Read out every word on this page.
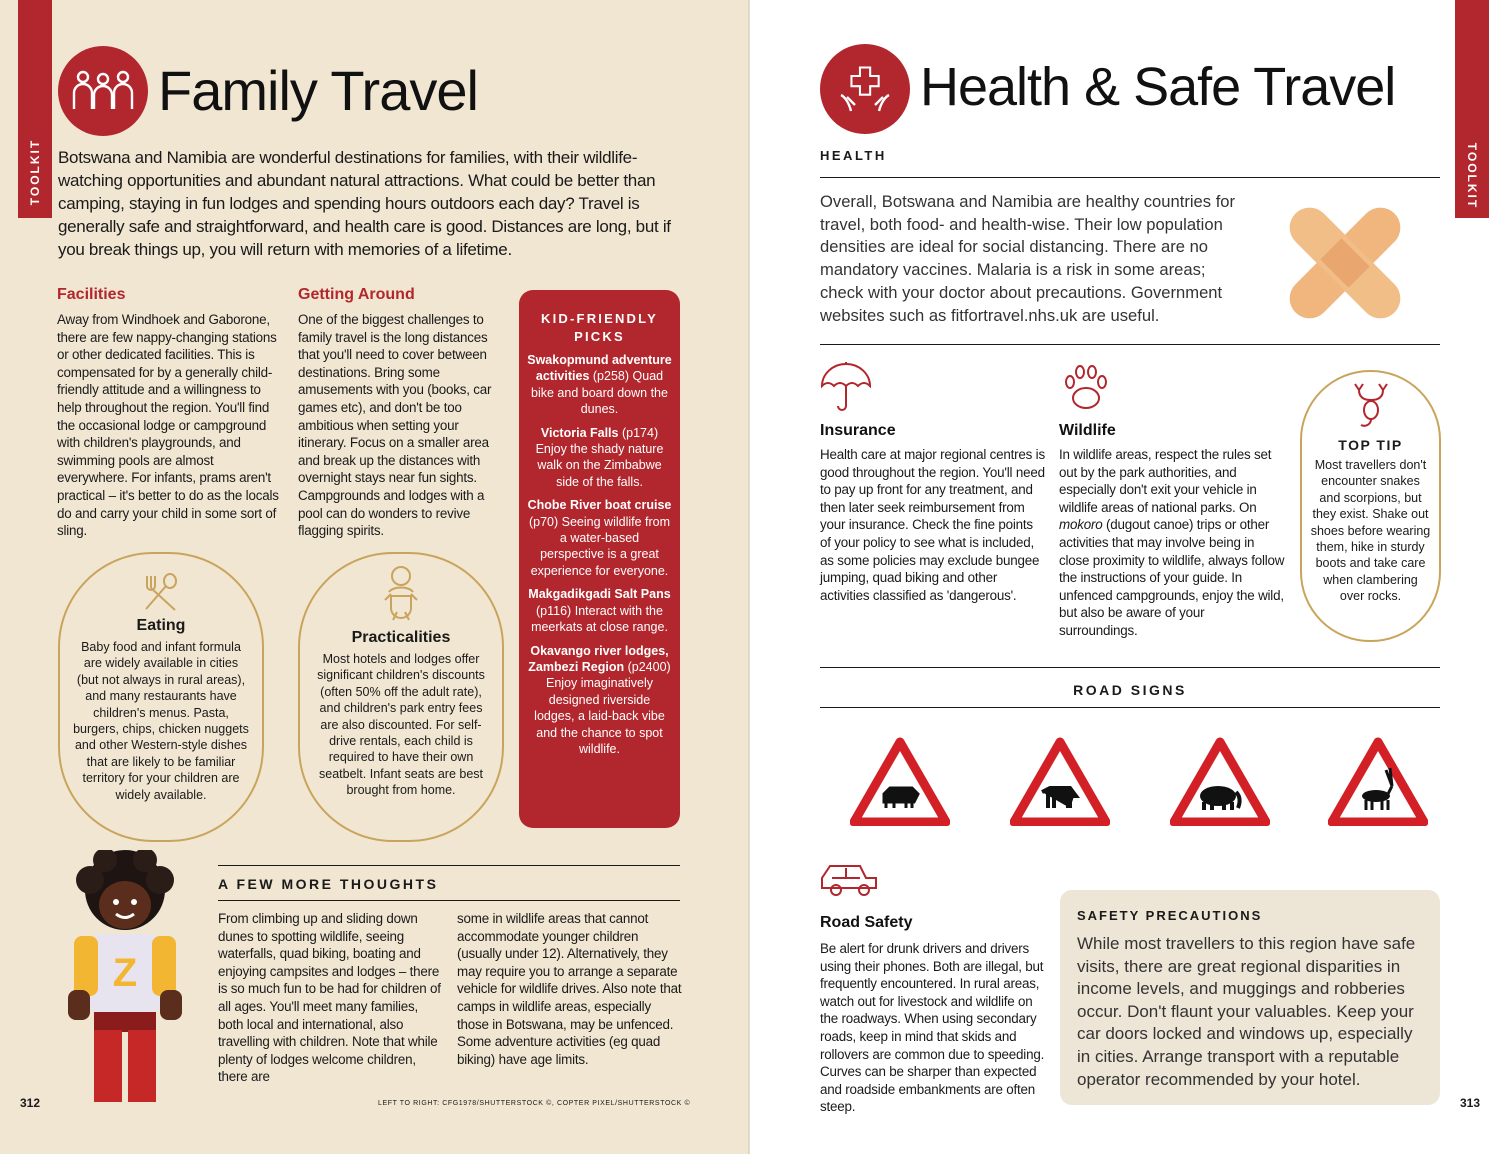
TOOLKIT
Family Travel

Botswana and Namibia are wonderful destinations for families, with their wildlife-watching opportunities and abundant natural attractions. What could be better than camping, staying in fun lodges and spending hours outdoors each day? Travel is generally safe and straightforward, and health care is good. Distances are long, but if you break things up, you will return with memories of a lifetime.

Facilities

Away from Windhoek and Gaborone, there are few nappy-changing stations or other dedicated facilities. This is compensated for by a generally child-friendly attitude and a willingness to help throughout the region. You'll find the occasional lodge or campground with children's playgrounds, and swimming pools are almost everywhere. For infants, prams aren't practical – it's better to do as the locals do and carry your child in some sort of sling.

Getting Around

One of the biggest challenges to family travel is the long distances that you'll need to cover between destinations. Bring some amusements with you (books, car games etc), and don't be too ambitious when setting your itinerary. Focus on a smaller area and break up the distances with overnight stays near fun sights. Campgrounds and lodges with a pool can do wonders to revive flagging spirits.

KID-FRIENDLY PICKS
Swakopmund adventure activities (p258) Quad bike and board down the dunes.
Victoria Falls (p174) Enjoy the shady nature walk on the Zimbabwe side of the falls.
Chobe River boat cruise (p70) Seeing wildlife from a water-based perspective is a great experience for everyone.
Makgadikgadi Salt Pans (p116) Interact with the meerkats at close range.
Okavango river lodges, Zambezi Region (p2400) Enjoy imaginatively designed riverside lodges, a laid-back vibe and the chance to spot wildlife.
Eating

Baby food and infant formula are widely available in cities (but not always in rural areas), and many restaurants have children's menus. Pasta, burgers, chips, chicken nuggets and other Western-style dishes that are likely to be familiar territory for your children are widely available.

Practicalities

Most hotels and lodges offer significant children's discounts (often 50% off the adult rate), and children's park entry fees are also discounted. For self-drive rentals, each child is required to have their own seatbelt. Infant seats are best brought from home.

Z
A FEW MORE THOUGHTS

From climbing up and sliding down dunes to spotting wildlife, seeing waterfalls, quad biking, boating and enjoying campsites and lodges – there is so much fun to be had for children of all ages. You'll meet many families, both local and international, also travelling with children. Note that while plenty of lodges welcome children, there are

some in wildlife areas that cannot accommodate younger children (usually under 12). Alternatively, they may require you to arrange a separate vehicle for wildlife drives. Also note that camps in wildlife areas, especially those in Botswana, may be unfenced. Some adventure activities (eg quad biking) have age limits.

312	LEFT TO RIGHT: CFG1978/SHUTTERSTOCK ©, COPTER PIXEL/SHUTTERSTOCK ©
TOOLKIT
Health & Safe Travel
HEALTH

Overall, Botswana and Namibia are healthy countries for travel, both food- and health-wise. Their low population densities are ideal for social distancing. There are no mandatory vaccines. Malaria is a risk in some areas; check with your doctor about precautions. Government websites such as fitfortravel.nhs.uk are useful.

Insurance

Health care at major regional centres is good throughout the region. You'll need to pay up front for any treatment, and then later seek reimbursement from your insurance. Check the fine points of your policy to see what is included, as some policies may exclude bungee jumping, quad biking and other activities classified as 'dangerous'.

Wildlife

In wildlife areas, respect the rules set out by the park authorities, and especially don't exit your vehicle in wildlife areas of national parks. On mokoro (dugout canoe) trips or other activities that may involve being in close proximity to wildlife, always follow the instructions of your guide. In unfenced campgrounds, enjoy the wild, but also be aware of your surroundings.

TOP TIP

Most travellers don't encounter snakes and scorpions, but they exist. Shake out shoes before wearing them, hike in sturdy boots and take care when clambering over rocks.

ROAD SIGNS
Road Safety

Be alert for drunk drivers and drivers using their phones. Both are illegal, but frequently encountered. In rural areas, watch out for livestock and wildlife on the roadways. When using secondary roads, keep in mind that skids and rollovers are common due to speeding. Curves can be sharper than expected and roadside embankments are often steep.

SAFETY PRECAUTIONS

While most travellers to this region have safe visits, there are great regional disparities in income levels, and muggings and robberies occur. Don't flaunt your valuables. Keep your car doors locked and windows up, especially in cities. Arrange transport with a reputable operator recommended by your hotel.

313
